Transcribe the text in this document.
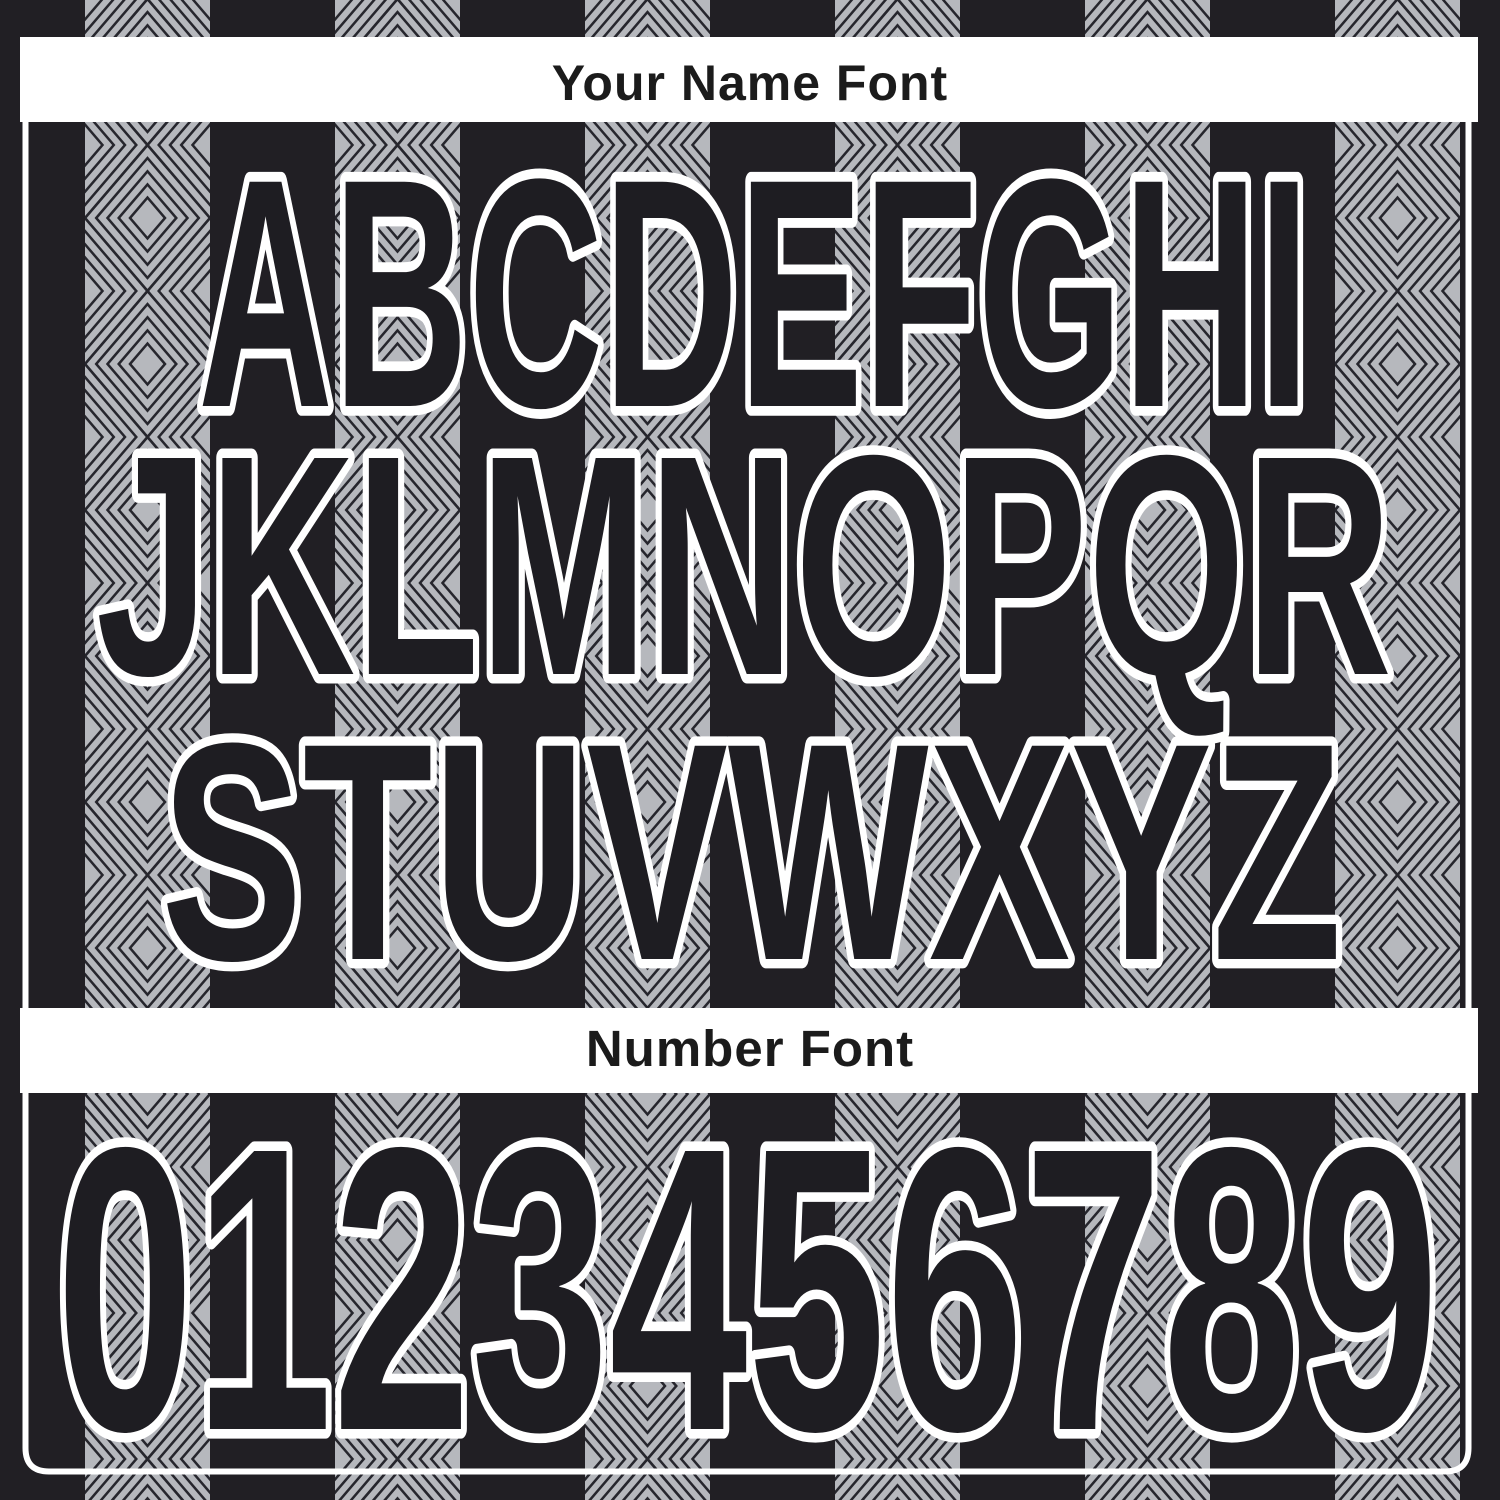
Your Name Font
Number Font
ABCDEFGHI
JKLMNOPQR
STUVWXYZ
0123456789
